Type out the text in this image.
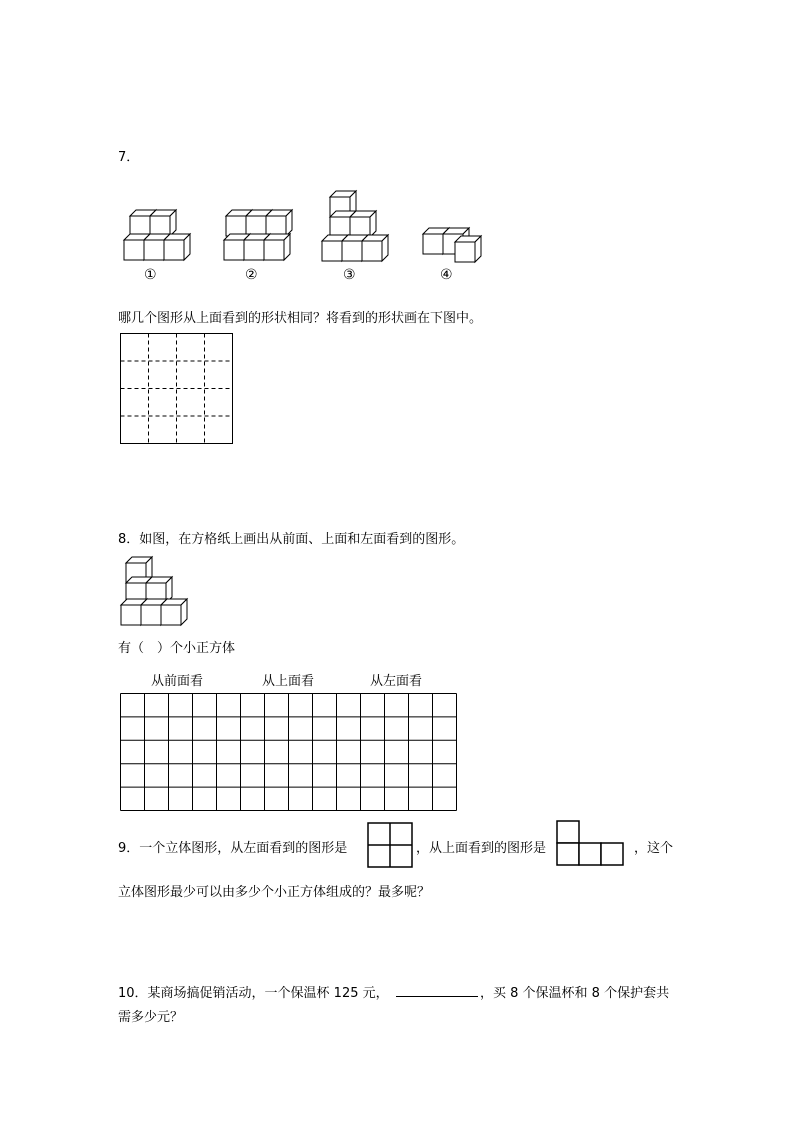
7．
①	②	③	④
哪几个图形从上面看到的形状相同？将看到的形状画在下图中。
8．如图，在方格纸上画出从前面、上面和左面看到的图形。
有（　）个小正方体
从前面看	从上面看	从左面看
9．一个立体图形，从左面看到的图形是	，从上面看到的图形是	，这个
立体图形最少可以由多少个小正方体组成的？最多呢？
10．某商场搞促销活动，一个保温杯 125 元，	，买 8 个保温杯和 8 个保护套共
需多少元？
